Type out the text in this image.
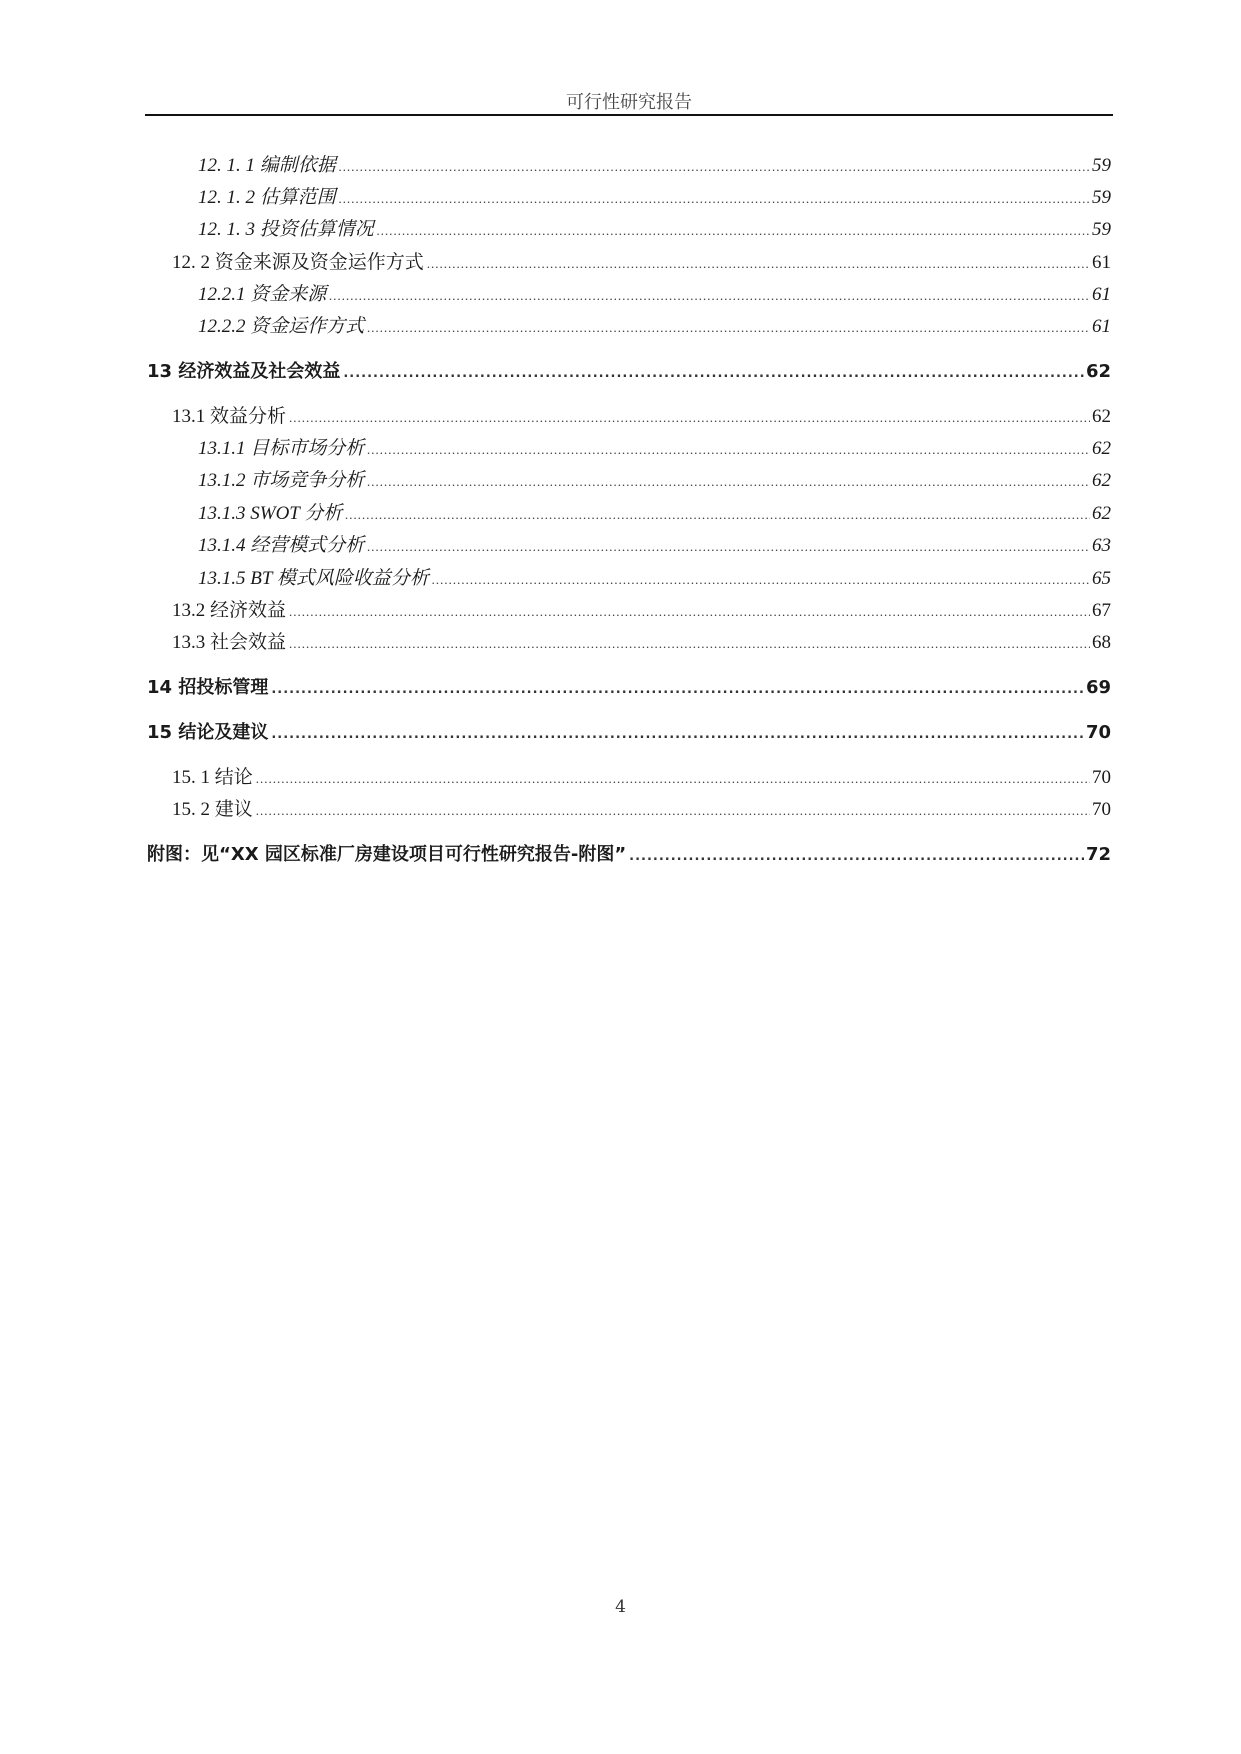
可行性研究报告
12. 1. 1 编制依据 .....	59
12. 1. 2 估算范围 .....	59
12. 1. 3 投资估算情况 .....	59
12. 2 资金来源及资金运作方式 .....	61
12.2.1 资金来源 .....	61
12.2.2 资金运作方式 .....	61
13 经济效益及社会效益 .....	62
13.1 效益分析 .....	62
13.1.1 目标市场分析 .....	62
13.1.2 市场竞争分析 .....	62
13.1.3 SWOT 分析 .....	62
13.1.4 经营模式分析 .....	63
13.1.5 BT 模式风险收益分析 .....	65
13.2 经济效益 .....	67
13.3 社会效益 .....	68
14 招投标管理 .....	69
15 结论及建议 .....	70
15. 1 结论 .....	70
15. 2 建议 .....	70
附图：见“XX 园区标准厂房建设项目可行性研究报告-附图” .....	72
4
